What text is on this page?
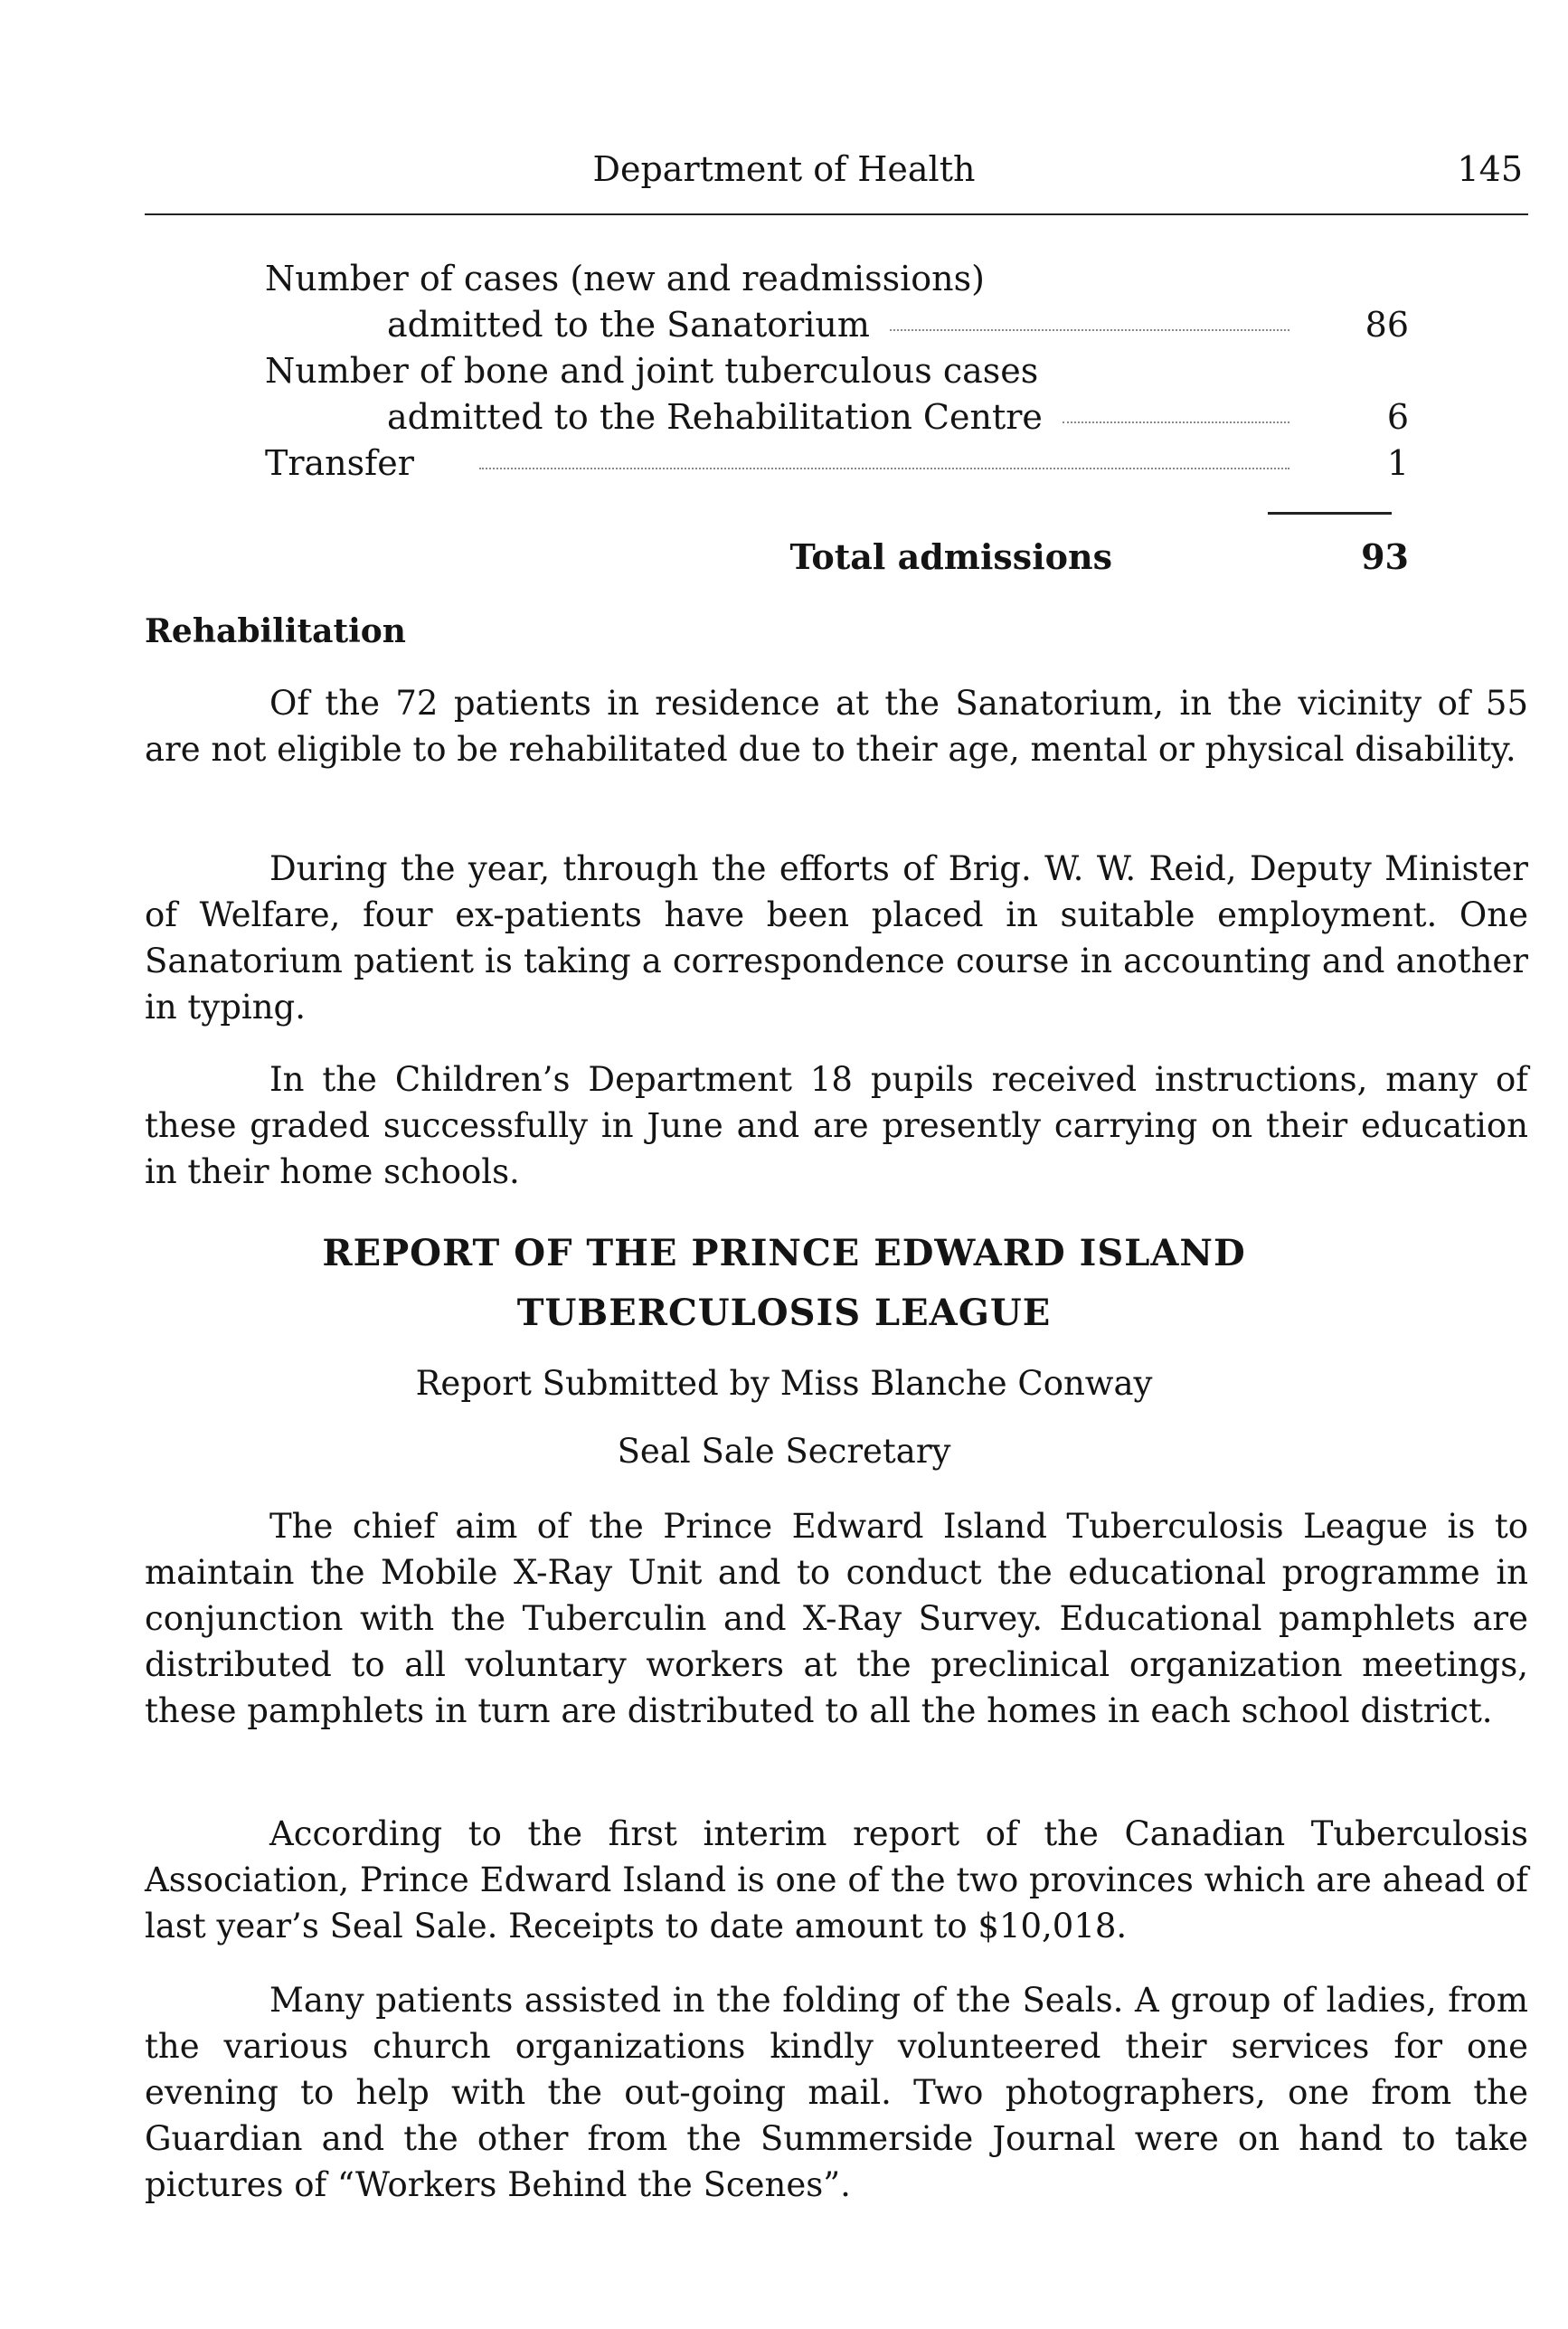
Department of Health	145
Number of cases (new and readmissions)
admitted to the Sanatorium	86
Number of bone and joint tuberculous cases
admitted to the Rehabilitation Centre	6
Transfer	1
Total admissions	93
Rehabilitation
Of the 72 patients in residence at the Sanatorium, in the vicinity of 55 are not eligible to be rehabilitated due to their age, mental or physical disability.
During the year, through the efforts of Brig. W. W. Reid, Deputy Minister of Welfare, four ex-patients have been placed in suitable employment. One Sanatorium patient is taking a correspondence course in accounting and another in typing.
In the Children’s Department 18 pupils received instructions, many of these graded successfully in June and are presently carrying on their education in their home schools.
REPORT OF THE PRINCE EDWARD ISLAND
TUBERCULOSIS LEAGUE
Report Submitted by Miss Blanche Conway
Seal Sale Secretary
The chief aim of the Prince Edward Island Tuberculosis League is to maintain the Mobile X-Ray Unit and to conduct the educational programme in conjunction with the Tuberculin and X-Ray Survey. Educational pamphlets are distributed to all voluntary workers at the preclinical organization meetings, these pamphlets in turn are distributed to all the homes in each school district.
According to the first interim report of the Canadian Tuberculosis Association, Prince Edward Island is one of the two provinces which are ahead of last year’s Seal Sale. Receipts to date amount to $10,018.
Many patients assisted in the folding of the Seals. A group of ladies, from the various church organizations kindly volunteered their services for one evening to help with the out-going mail. Two photographers, one from the Guardian and the other from the Summerside Journal were on hand to take pictures of “Workers Behind the Scenes”.
